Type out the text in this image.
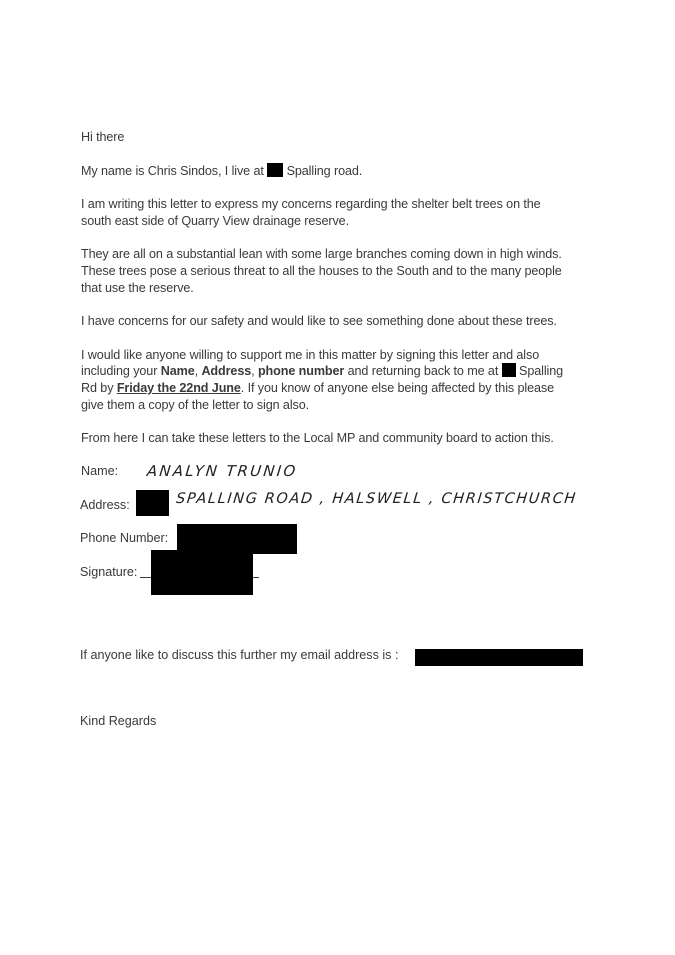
Hi there

My name is Chris Sindos, I live at  Spalling road.

I am writing this letter to express my concerns regarding the shelter belt trees on the
south east side of Quarry View drainage reserve.

They are all on a substantial lean with some large branches coming down in high winds.
These trees pose a serious threat to all the houses to the South and to the many people
that use the reserve.

I have concerns for our safety and would like to see something done about these trees.

I would like anyone willing to support me in this matter by signing this letter and also
including your Name, Address, phone number and returning back to me at  Spalling
Rd by Friday the 22nd June. If you know of anyone else being affected by this please
give them a copy of the letter to sign also.

From here I can take these letters to the Local MP and community board to action this.

Name: ANALYN TRUNIO
Address:	SPALLING ROAD , HALSWELL , CHRISTCHURCH
Phone Number:
Signature:
If anyone like to discuss this further my email address is :
Kind Regards
